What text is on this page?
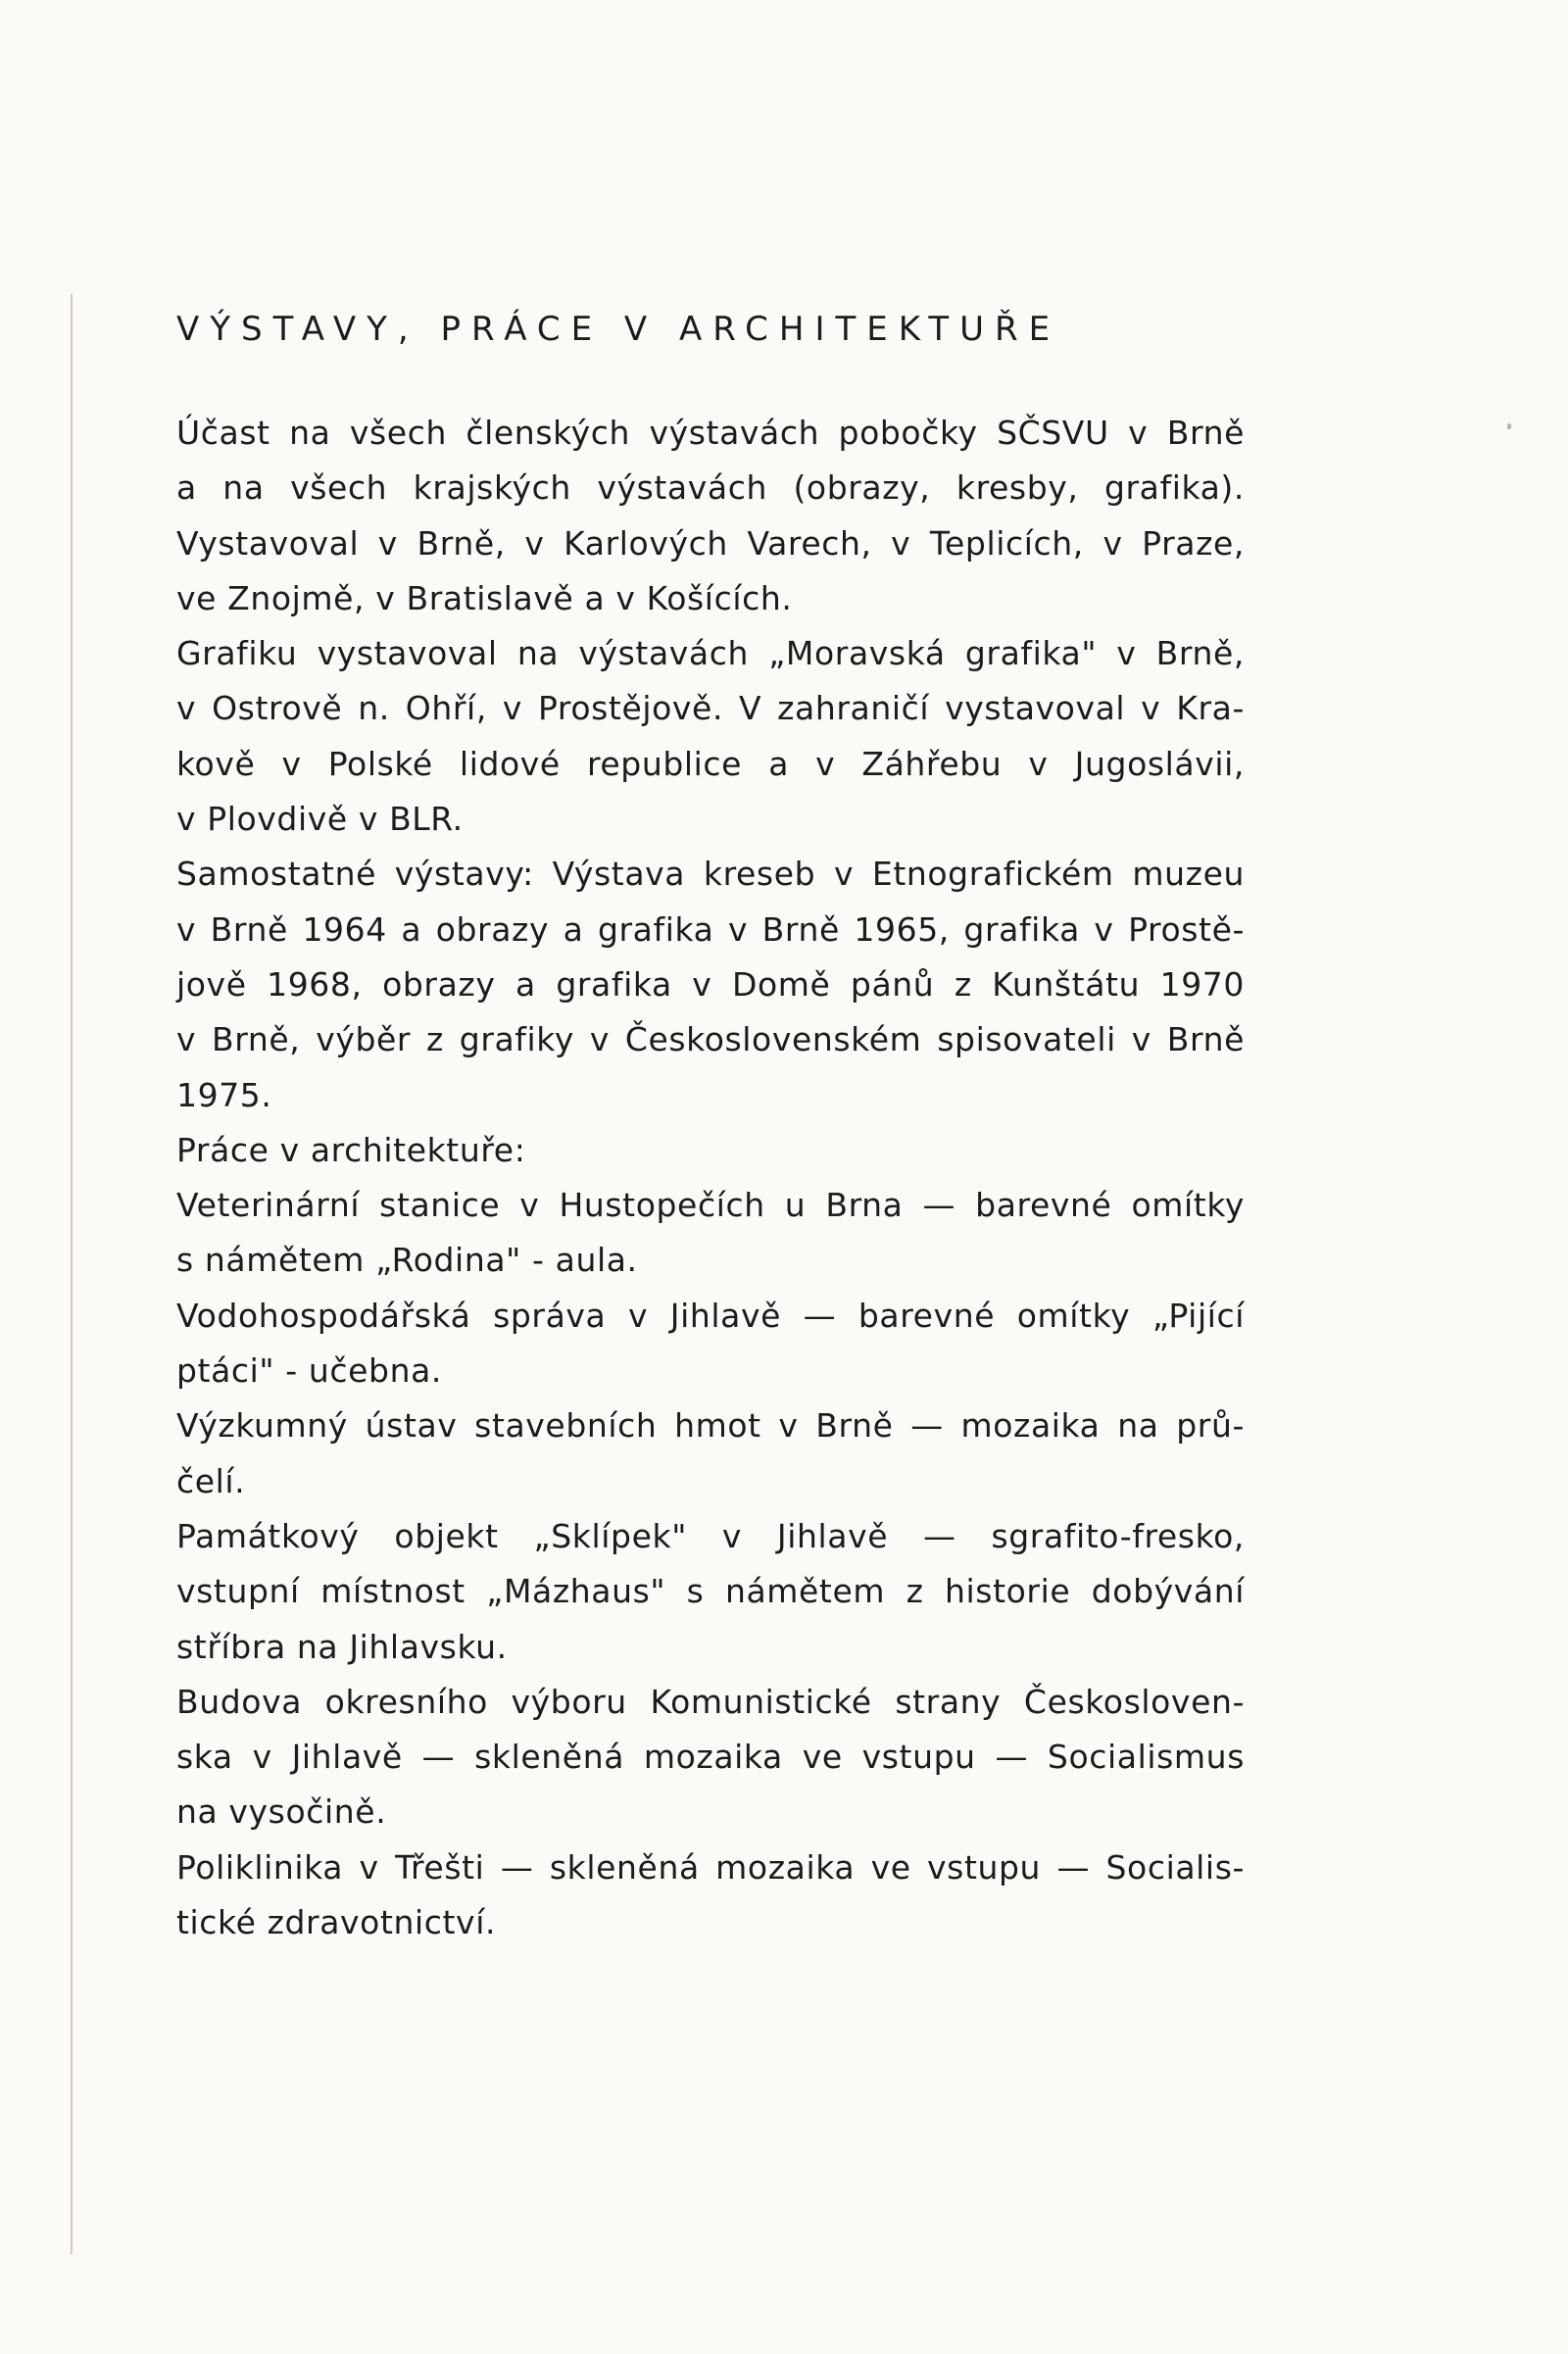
VÝSTAVY, PRÁCE V ARCHITEKTUŘE
Účast na všech členských výstavách pobočky SČSVU v Brně
a na všech krajských výstavách (obrazy, kresby, grafika).
Vystavoval v Brně, v Karlových Varech, v Teplicích, v Praze,
ve Znojmě, v Bratislavě a v Košících.
Grafiku vystavoval na výstavách „Moravská grafika" v Brně,
v Ostrově n. Ohří, v Prostějově. V zahraničí vystavoval v Kra-
kově v Polské lidové republice a v Záhřebu v Jugoslávii,
v Plovdivě v BLR.
Samostatné výstavy: Výstava kreseb v Etnografickém muzeu
v Brně 1964 a obrazy a grafika v Brně 1965, grafika v Prostě-
jově 1968, obrazy a grafika v Domě pánů z Kunštátu 1970
v Brně, výběr z grafiky v Československém spisovateli v Brně
1975.
Práce v architektuře:
Veterinární stanice v Hustopečích u Brna — barevné omítky
s námětem „Rodina" - aula.
Vodohospodářská správa v Jihlavě — barevné omítky „Pijící
ptáci" - učebna.
Výzkumný ústav stavebních hmot v Brně — mozaika na prů-
čelí.
Památkový objekt „Sklípek" v Jihlavě — sgrafito-fresko,
vstupní místnost „Mázhaus" s námětem z historie dobývání
stříbra na Jihlavsku.
Budova okresního výboru Komunistické strany Českosloven-
ska v Jihlavě — skleněná mozaika ve vstupu — Socialismus
na vysočině.
Poliklinika v Třešti — skleněná mozaika ve vstupu — Socialis-
tické zdravotnictví.
